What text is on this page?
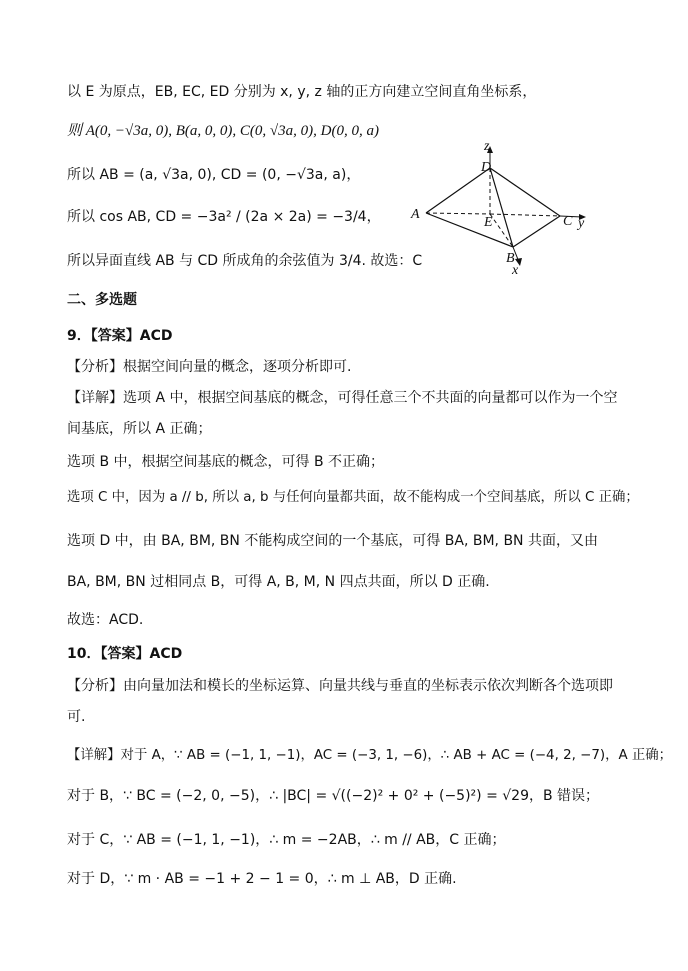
以 E 为原点，EB, EC, ED 分别为 x, y, z 轴的正方向建立空间直角坐标系，
则 A(0, −√3a, 0), B(a, 0, 0), C(0, √3a, 0), D(0, 0, a)
所以 AB = (a, √3a, 0), CD = (0, −√3a, a)，
所以 cos AB, CD = −3a² / (2a × 2a) = −3/4，
所以异面直线 AB 与 CD 所成角的余弦值为 3/4. 故选：C
二、多选题
9．【答案】ACD
【分析】根据空间向量的概念，逐项分析即可.
【详解】选项 A 中，根据空间基底的概念，可得任意三个不共面的向量都可以作为一个空
间基底，所以 A 正确；
选项 B 中，根据空间基底的概念，可得 B 不正确；
选项 C 中，因为 a // b, 所以 a, b 与任何向量都共面，故不能构成一个空间基底，所以 C 正确；
选项 D 中，由 BA, BM, BN 不能构成空间的一个基底，可得 BA, BM, BN 共面，又由
BA, BM, BN 过相同点 B，可得 A, B, M, N 四点共面，所以 D 正确.
故选：ACD.
10．【答案】ACD
【分析】由向量加法和模长的坐标运算、向量共线与垂直的坐标表示依次判断各个选项即
可.
【详解】对于 A，∵ AB = (−1, 1, −1)，AC = (−3, 1, −6)，∴ AB + AC = (−4, 2, −7)，A 正确；
对于 B，∵ BC = (−2, 0, −5)，∴ |BC| = √((−2)² + 0² + (−5)²) = √29，B 错误；
对于 C，∵ AB = (−1, 1, −1)，∴ m = −2AB，∴ m // AB，C 正确；
对于 D，∵ m · AB = −1 + 2 − 1 = 0，∴ m ⊥ AB，D 正确.
z
D
A
E	C y
B
x
